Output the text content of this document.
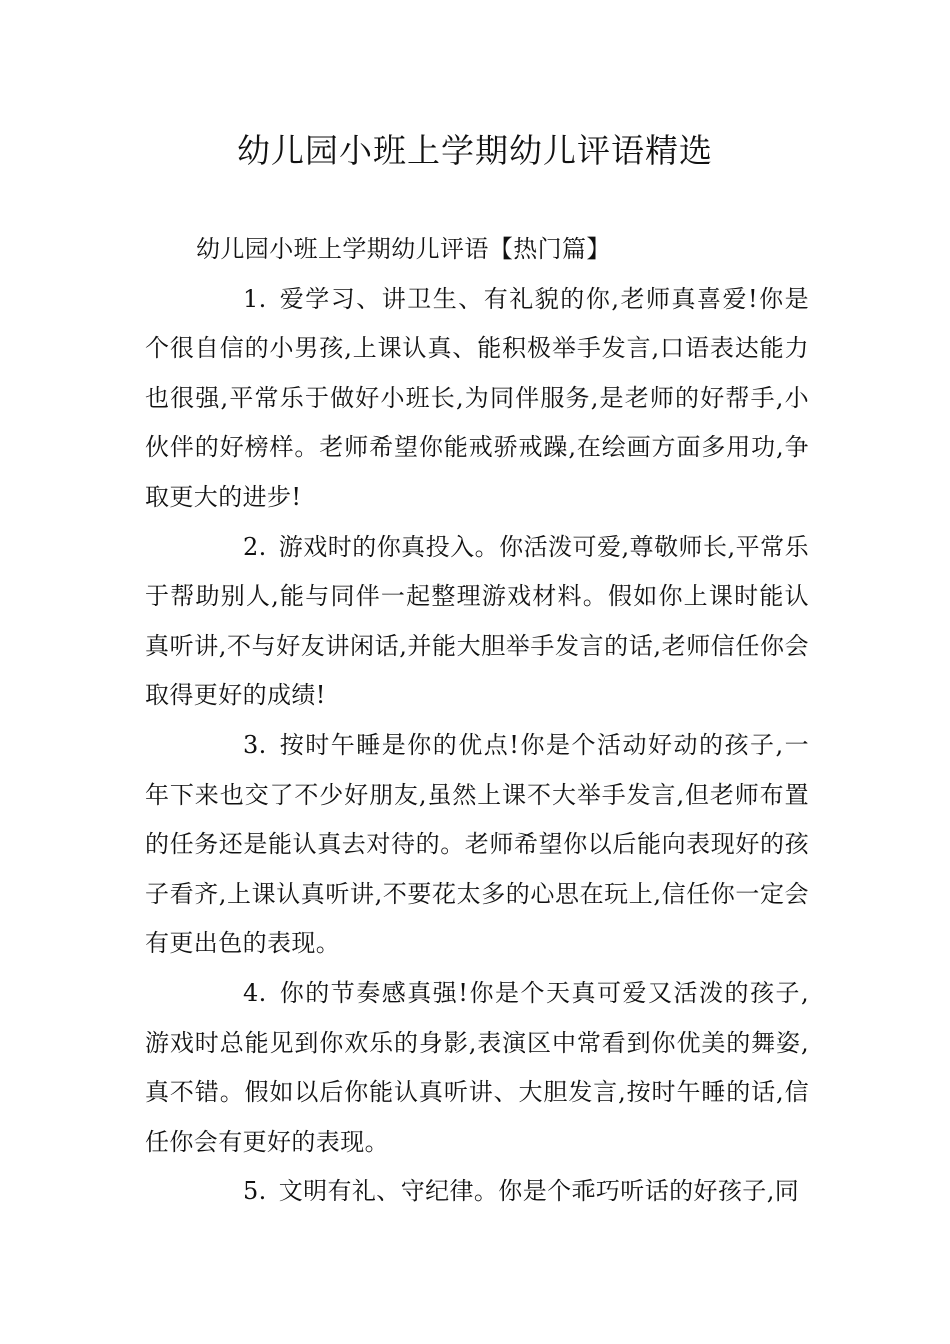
幼儿园小班上学期幼儿评语精选

幼儿园小班上学期幼儿评语【热门篇】

1. 爱学习、讲卫生、有礼貌的你,老师真喜爱!你是个很自信的小男孩,上课认真、能积极举手发言,口语表达能力也很强,平常乐于做好小班长,为同伴服务,是老师的好帮手,小伙伴的好榜样。老师希望你能戒骄戒躁,在绘画方面多用功,争取更大的进步!

2. 游戏时的你真投入。你活泼可爱,尊敬师长,平常乐于帮助别人,能与同伴一起整理游戏材料。假如你上课时能认真听讲,不与好友讲闲话,并能大胆举手发言的话,老师信任你会取得更好的成绩!

3. 按时午睡是你的优点!你是个活动好动的孩子,一年下来也交了不少好朋友,虽然上课不大举手发言,但老师布置的任务还是能认真去对待的。老师希望你以后能向表现好的孩子看齐,上课认真听讲,不要花太多的心思在玩上,信任你一定会有更出色的表现。

4. 你的节奏感真强!你是个天真可爱又活泼的孩子,游戏时总能见到你欢乐的身影,表演区中常看到你优美的舞姿,真不错。假如以后你能认真听讲、大胆发言,按时午睡的话,信任你会有更好的表现。

5. 文明有礼、守纪律。你是个乖巧听话的好孩子,同
